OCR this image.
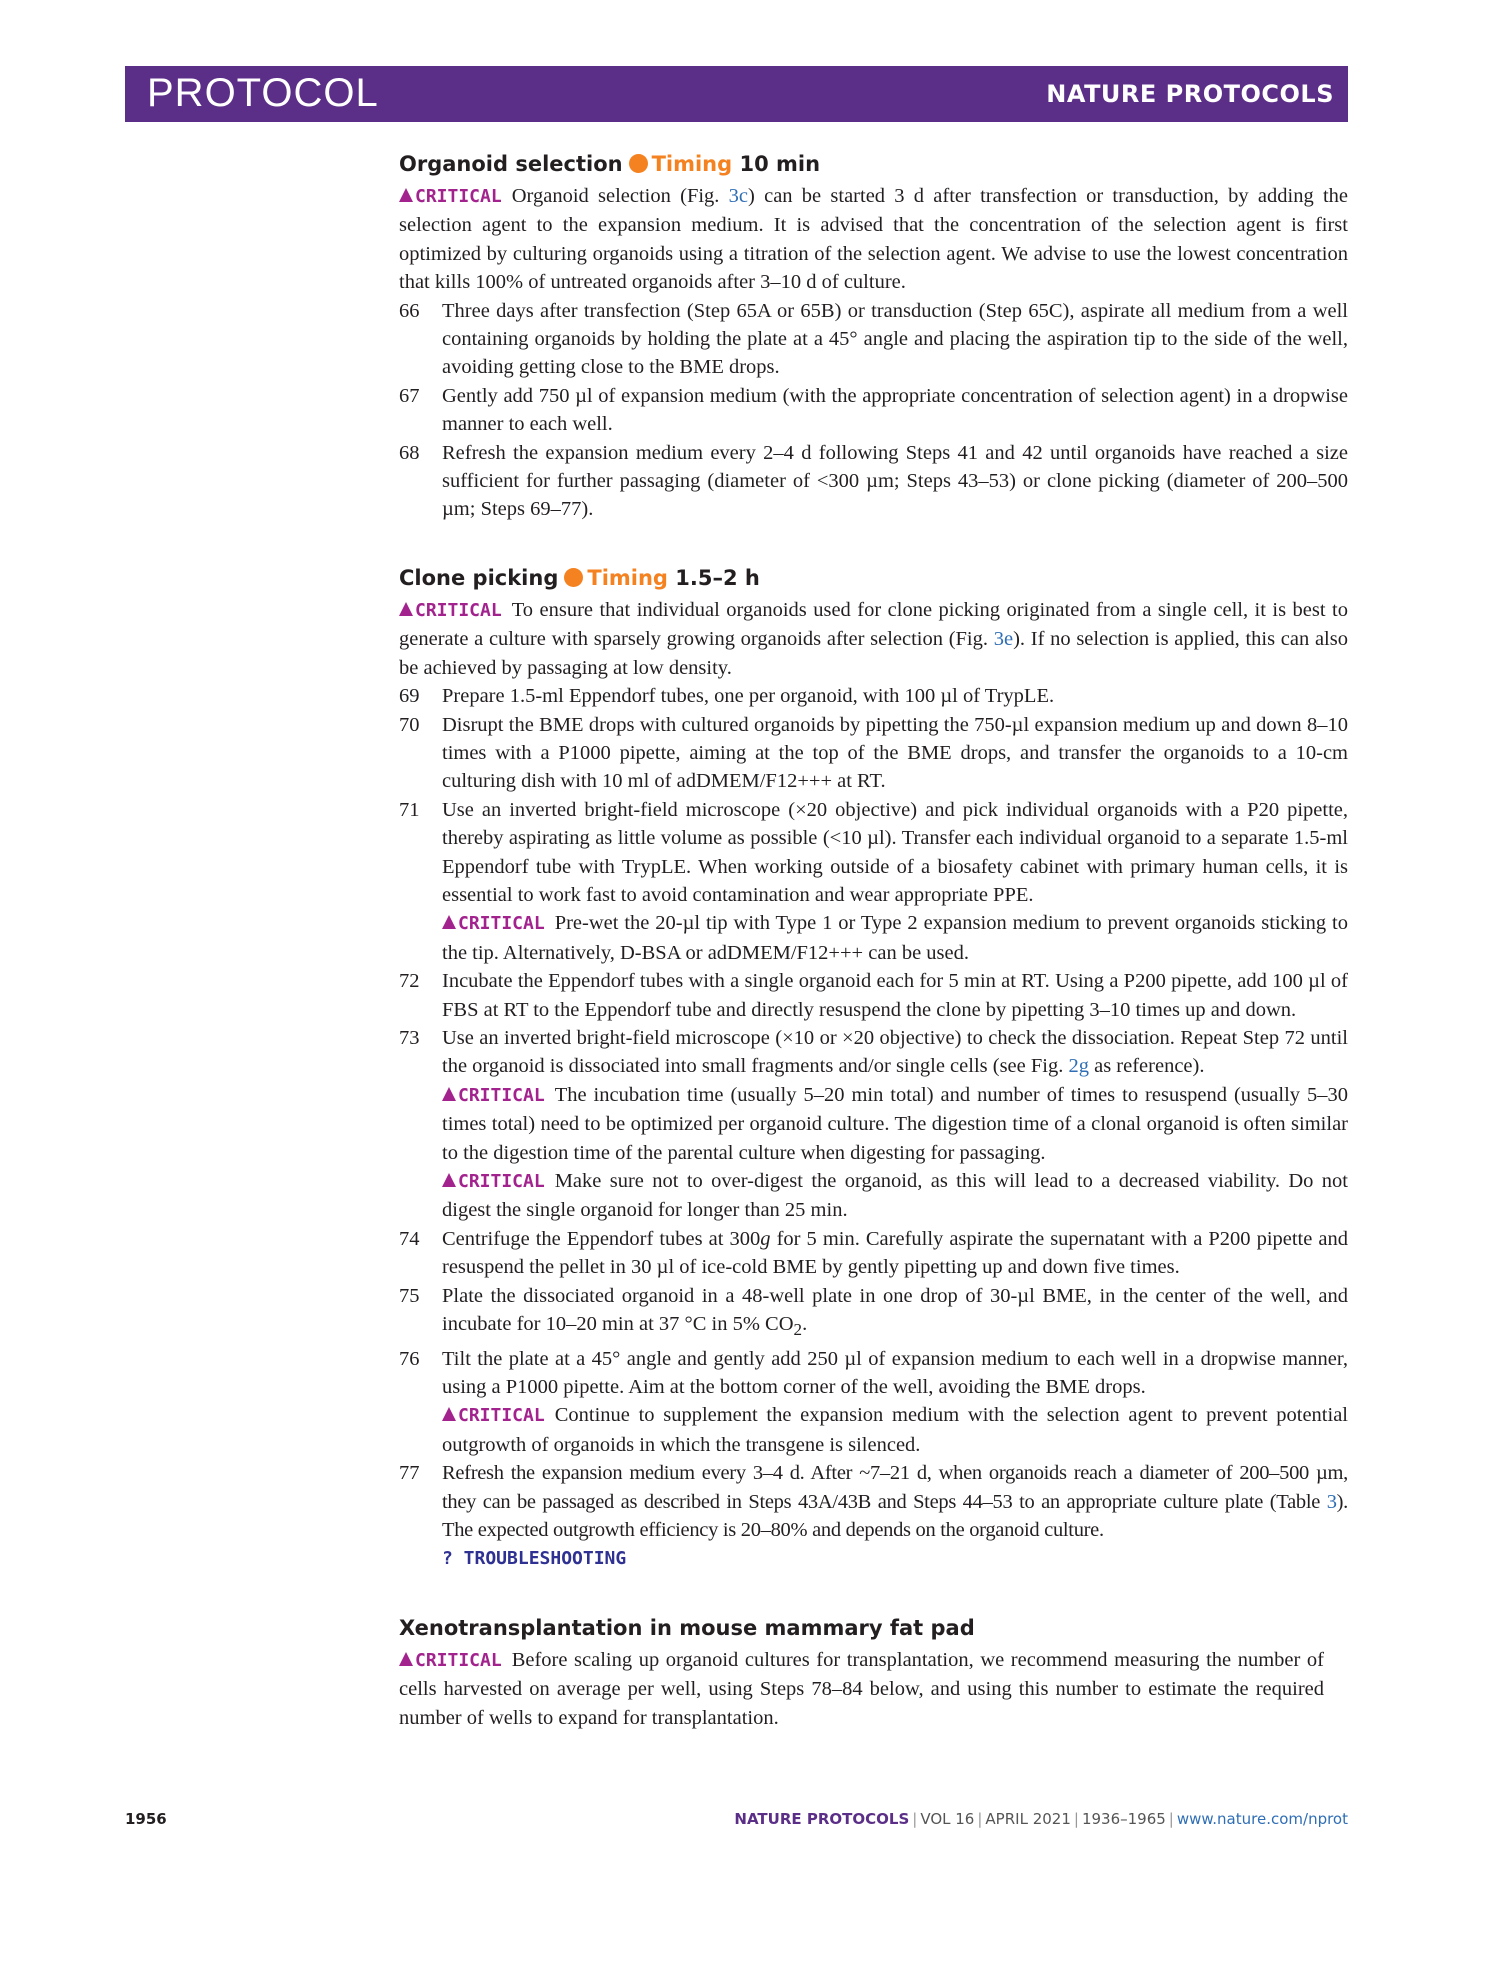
PROTOCOL	NATURE PROTOCOLS
Organoid selection Timing 10 min

CRITICAL Organoid selection (Fig. 3c) can be started 3 d after transfection or transduction, by adding the selection agent to the expansion medium. It is advised that the concentration of the selection agent is first optimized by culturing organoids using a titration of the selection agent. We advise to use the lowest concentration that kills 100% of untreated organoids after 3–10 d of culture.

66	Three days after transfection (Step 65A or 65B) or transduction (Step 65C), aspirate all medium from a well containing organoids by holding the plate at a 45° angle and placing the aspiration tip to the side of the well, avoiding getting close to the BME drops.

67	Gently add 750 µl of expansion medium (with the appropriate concentration of selection agent) in a dropwise manner to each well.

68	Refresh the expansion medium every 2–4 d following Steps 41 and 42 until organoids have reached a size sufficient for further passaging (diameter of <300 µm; Steps 43–53) or clone picking (diameter of 200–500 µm; Steps 69–77).

Clone picking Timing 1.5–2 h

CRITICAL To ensure that individual organoids used for clone picking originated from a single cell, it is best to generate a culture with sparsely growing organoids after selection (Fig. 3e). If no selection is applied, this can also be achieved by passaging at low density.

69	Prepare 1.5-ml Eppendorf tubes, one per organoid, with 100 µl of TrypLE.

70	Disrupt the BME drops with cultured organoids by pipetting the 750-µl expansion medium up and down 8–10 times with a P1000 pipette, aiming at the top of the BME drops, and transfer the organoids to a 10-cm culturing dish with 10 ml of adDMEM/F12+++ at RT.

71	Use an inverted bright-field microscope (×20 objective) and pick individual organoids with a P20 pipette, thereby aspirating as little volume as possible (<10 µl). Transfer each individual organoid to a separate 1.5-ml Eppendorf tube with TrypLE. When working outside of a biosafety cabinet with primary human cells, it is essential to work fast to avoid contamination and wear appropriate PPE.

CRITICAL Pre-wet the 20-µl tip with Type 1 or Type 2 expansion medium to prevent organoids sticking to the tip. Alternatively, D-BSA or adDMEM/F12+++ can be used.

72	Incubate the Eppendorf tubes with a single organoid each for 5 min at RT. Using a P200 pipette, add 100 µl of FBS at RT to the Eppendorf tube and directly resuspend the clone by pipetting 3–10 times up and down.

73	Use an inverted bright-field microscope (×10 or ×20 objective) to check the dissociation. Repeat Step 72 until the organoid is dissociated into small fragments and/or single cells (see Fig. 2g as reference).

CRITICAL The incubation time (usually 5–20 min total) and number of times to resuspend (usually 5–30 times total) need to be optimized per organoid culture. The digestion time of a clonal organoid is often similar to the digestion time of the parental culture when digesting for passaging.

CRITICAL Make sure not to over-digest the organoid, as this will lead to a decreased viability. Do not digest the single organoid for longer than 25 min.

74	Centrifuge the Eppendorf tubes at 300g for 5 min. Carefully aspirate the supernatant with a P200 pipette and resuspend the pellet in 30 µl of ice-cold BME by gently pipetting up and down five times.

75	Plate the dissociated organoid in a 48-well plate in one drop of 30-µl BME, in the center of the well, and incubate for 10–20 min at 37 °C in 5% $CO_2$.

76	Tilt the plate at a 45° angle and gently add 250 µl of expansion medium to each well in a dropwise manner, using a P1000 pipette. Aim at the bottom corner of the well, avoiding the BME drops.

CRITICAL Continue to supplement the expansion medium with the selection agent to prevent potential outgrowth of organoids in which the transgene is silenced.

77	Refresh the expansion medium every 3–4 d. After ~7–21 d, when organoids reach a diameter of 200–500 µm, they can be passaged as described in Steps 43A/43B and Steps 44–53 to an appropriate culture plate (Table 3). The expected outgrowth efficiency is 20–80% and depends on the organoid culture.

? TROUBLESHOOTING

Xenotransplantation in mouse mammary fat pad

CRITICAL Before scaling up organoid cultures for transplantation, we recommend measuring the number of cells harvested on average per well, using Steps 78–84 below, and using this number to estimate the required number of wells to expand for transplantation.

1956	NATURE PROTOCOLS | VOL 16 | APRIL 2021 | 1936–1965 | www.nature.com/nprot
